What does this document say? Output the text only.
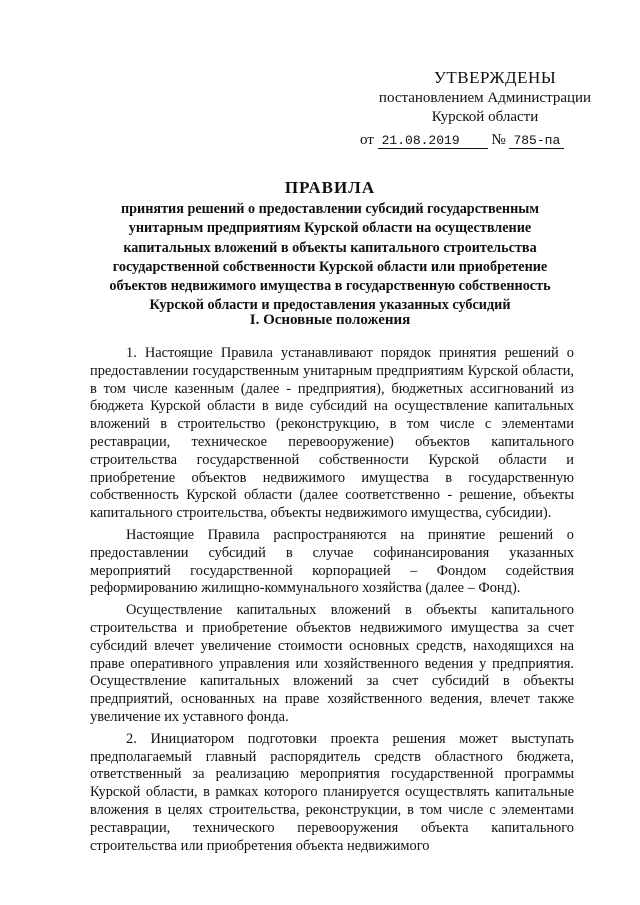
УТВЕРЖДЕНЫ
постановлением Администрации
Курской области
от 21.08.2019 № 785-па
ПРАВИЛА
принятия решений о предоставлении субсидий государственным
унитарным предприятиям Курской области на осуществление
капитальных вложений в объекты капитального строительства
государственной собственности Курской области или приобретение
объектов недвижимого имущества в государственную собственность
Курской области и предоставления указанных субсидий
I. Основные положения

1. Настоящие Правила устанавливают порядок принятия решений о предоставлении государственным унитарным предприятиям Курской области, в том числе казенным (далее - предприятия), бюджетных ассигнований из бюджета Курской области в виде субсидий на осуществление капитальных вложений в строительство (реконструкцию, в том числе с элементами реставрации, техническое перевооружение) объектов капитального строительства государственной собственности Курской области и приобретение объектов недвижимого имущества в государственную собственность Курской области (далее соответственно - решение, объекты капитального строительства, объекты недвижимого имущества, субсидии).

Настоящие Правила распространяются на принятие решений о предоставлении субсидий в случае софинансирования указанных мероприятий государственной корпорацией – Фондом содействия реформированию жилищно-коммунального хозяйства (далее – Фонд).

Осуществление капитальных вложений в объекты капитального строительства и приобретение объектов недвижимого имущества за счет субсидий влечет увеличение стоимости основных средств, находящихся на праве оперативного управления или хозяйственного ведения у предприятия. Осуществление капитальных вложений за счет субсидий в объекты предприятий, основанных на праве хозяйственного ведения, влечет также увеличение их уставного фонда.

2. Инициатором подготовки проекта решения может выступать предполагаемый главный распорядитель средств областного бюджета, ответственный за реализацию мероприятия государственной программы Курской области, в рамках которого планируется осуществлять капитальные вложения в целях строительства, реконструкции, в том числе с элементами реставрации, технического перевооружения объекта капитального строительства или приобретения объекта недвижимого
